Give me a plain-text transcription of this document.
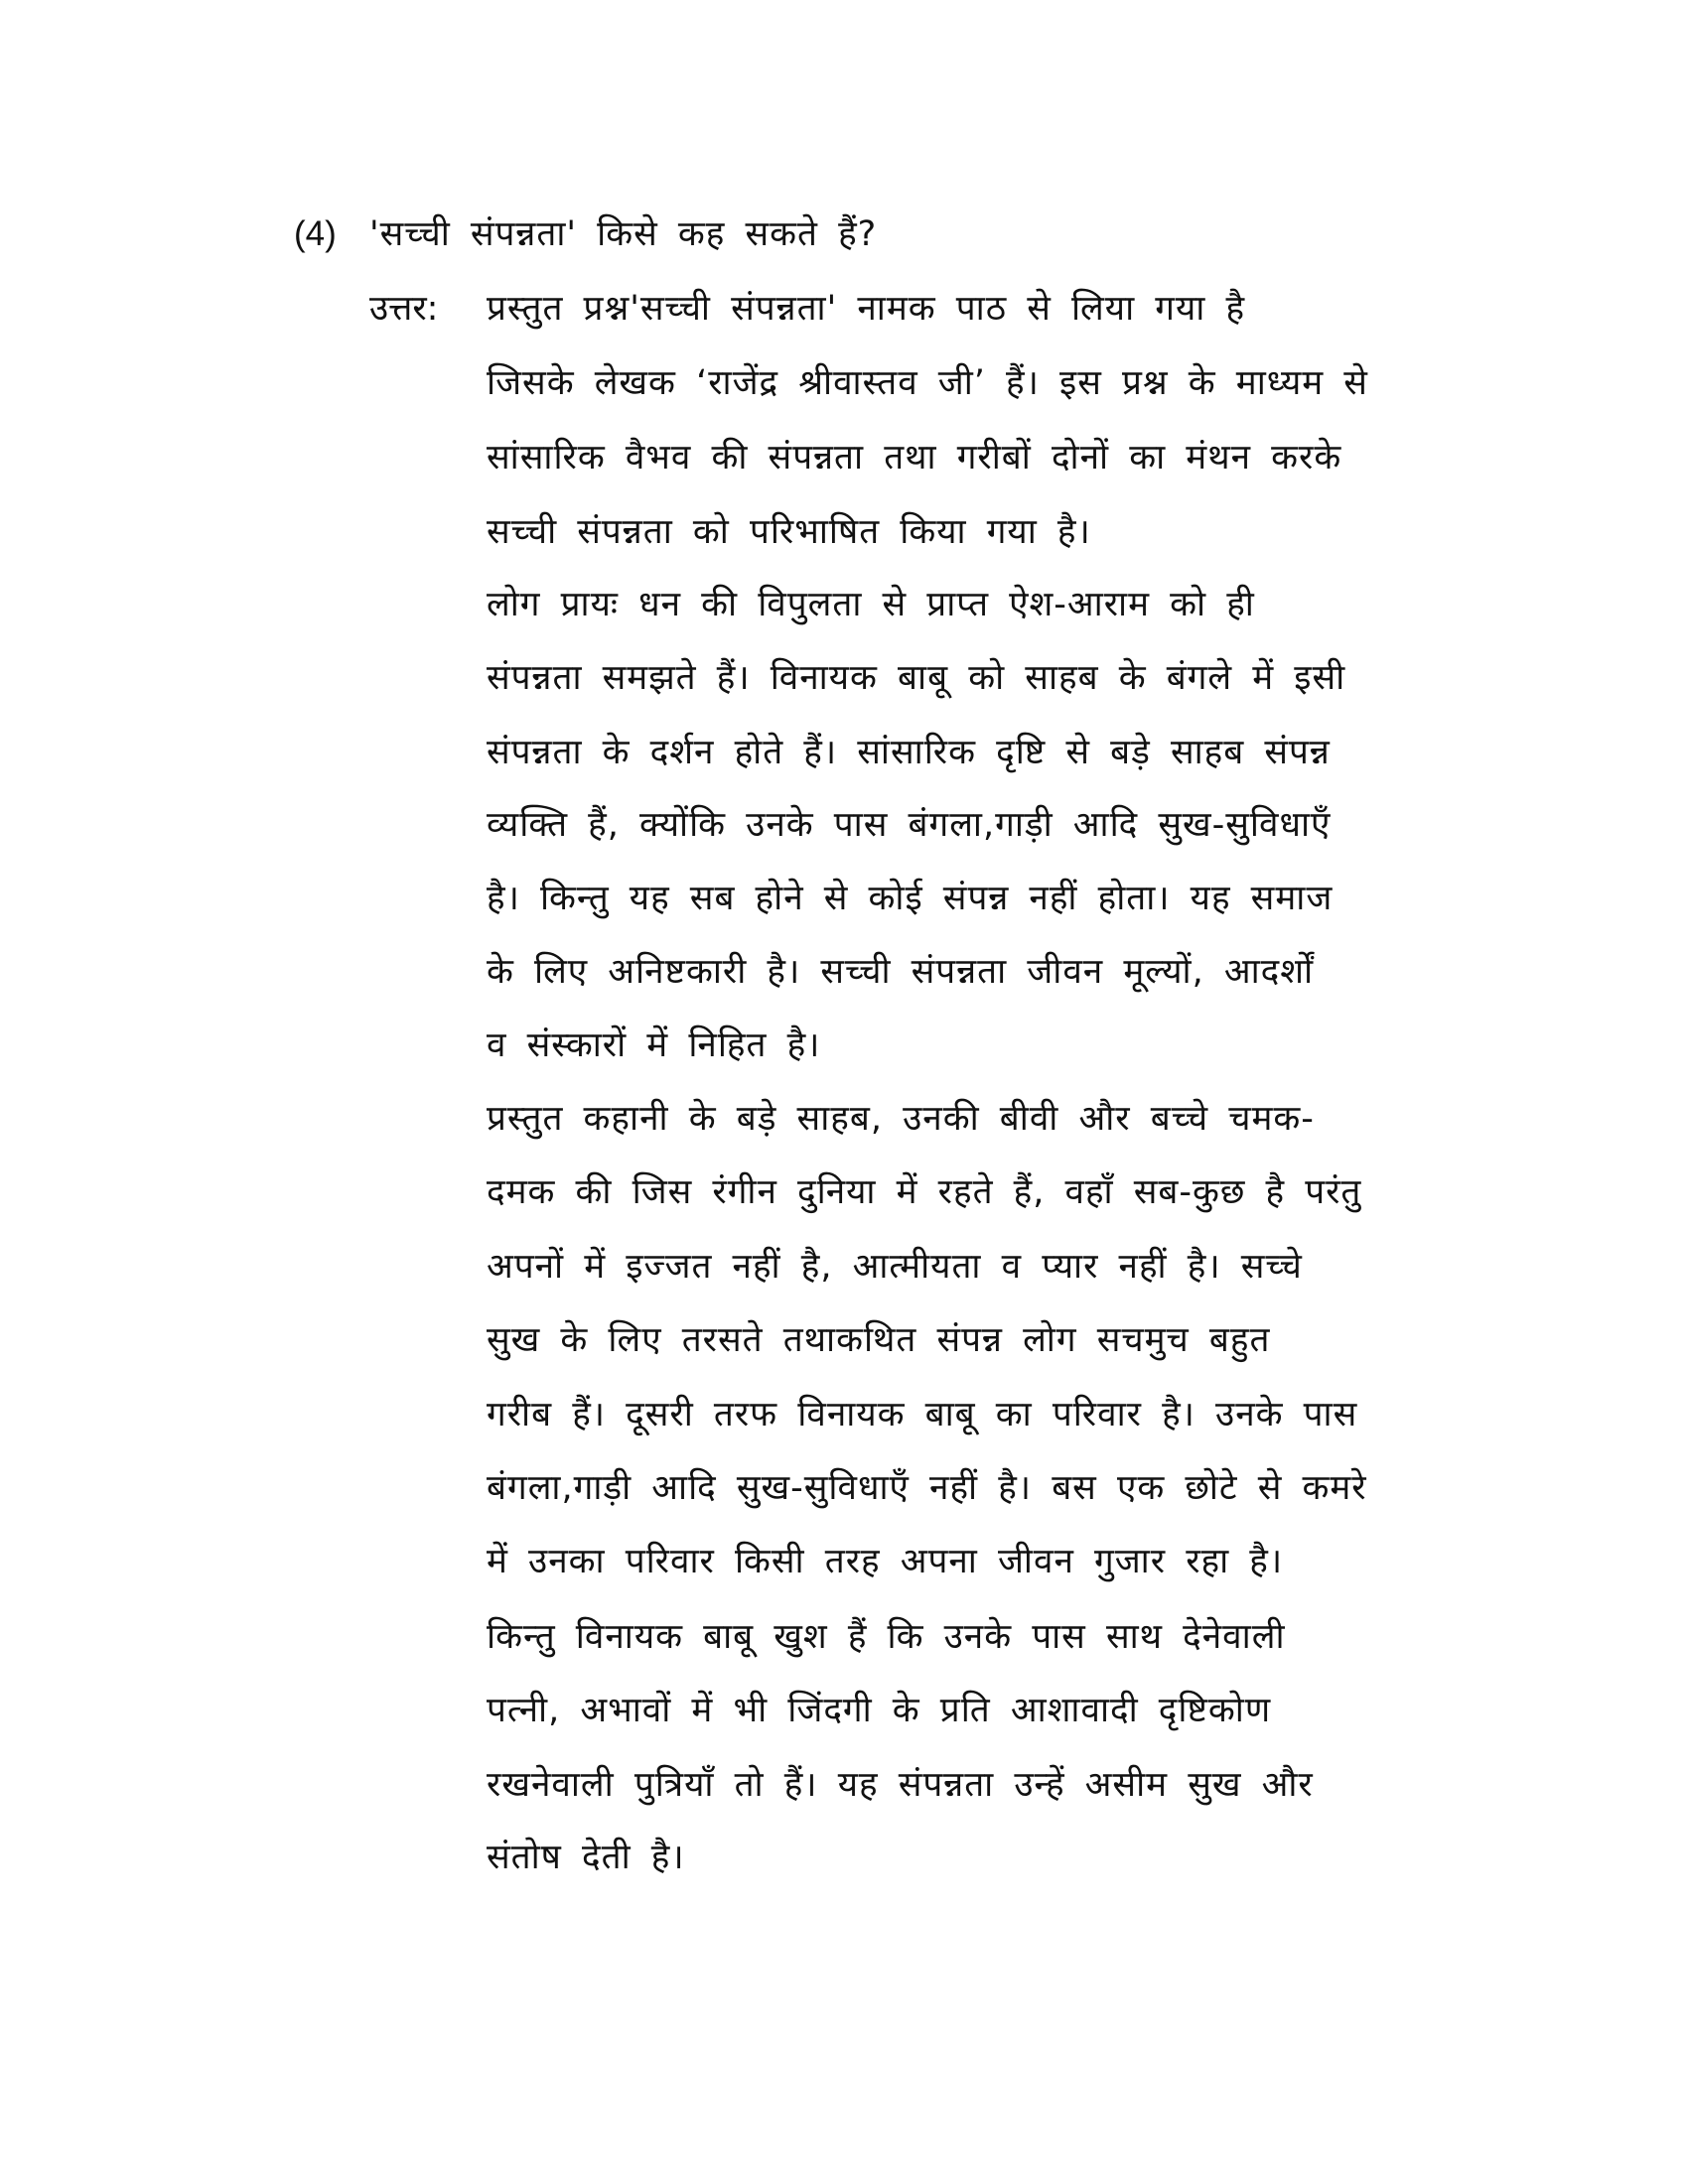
(4) 'सच्ची संपन्नता' किसे कह सकते हैं?
उत्तर: प्रस्तुत प्रश्न'सच्ची संपन्नता' नामक पाठ से लिया गया है
जिसके लेखक ‘राजेंद्र श्रीवास्तव जी’ हैं। इस प्रश्न के माध्यम से
सांसारिक वैभव की संपन्नता तथा गरीबों दोनों का मंथन करके
सच्ची संपन्नता को परिभाषित किया गया है।
लोग प्रायः धन की विपुलता से प्राप्त ऐश-आराम को ही
संपन्नता समझते हैं। विनायक बाबू को साहब के बंगले में इसी
संपन्नता के दर्शन होते हैं। सांसारिक दृष्टि से बड़े साहब संपन्न
व्यक्ति हैं, क्योंकि उनके पास बंगला,गाड़ी आदि सुख-सुविधाएँ
है। किन्तु यह सब होने से कोई संपन्न नहीं होता। यह समाज
के लिए अनिष्टकारी है। सच्ची संपन्नता जीवन मूल्यों, आदर्शों
व संस्कारों में निहित है।
प्रस्तुत कहानी के बड़े साहब, उनकी बीवी और बच्चे चमक-
दमक की जिस रंगीन दुनिया में रहते हैं, वहाँ सब-कुछ है परंतु
अपनों में इज्जत नहीं है, आत्मीयता व प्यार नहीं है। सच्चे
सुख के लिए तरसते तथाकथित संपन्न लोग सचमुच बहुत
गरीब हैं। दूसरी तरफ विनायक बाबू का परिवार है। उनके पास
बंगला,गाड़ी आदि सुख-सुविधाएँ नहीं है। बस एक छोटे से कमरे
में उनका परिवार किसी तरह अपना जीवन गुजार रहा है।
किन्तु विनायक बाबू खुश हैं कि उनके पास साथ देनेवाली
पत्नी, अभावों में भी जिंदगी के प्रति आशावादी दृष्टिकोण
रखनेवाली पुत्रियाँ तो हैं। यह संपन्नता उन्हें असीम सुख और
संतोष देती है।
